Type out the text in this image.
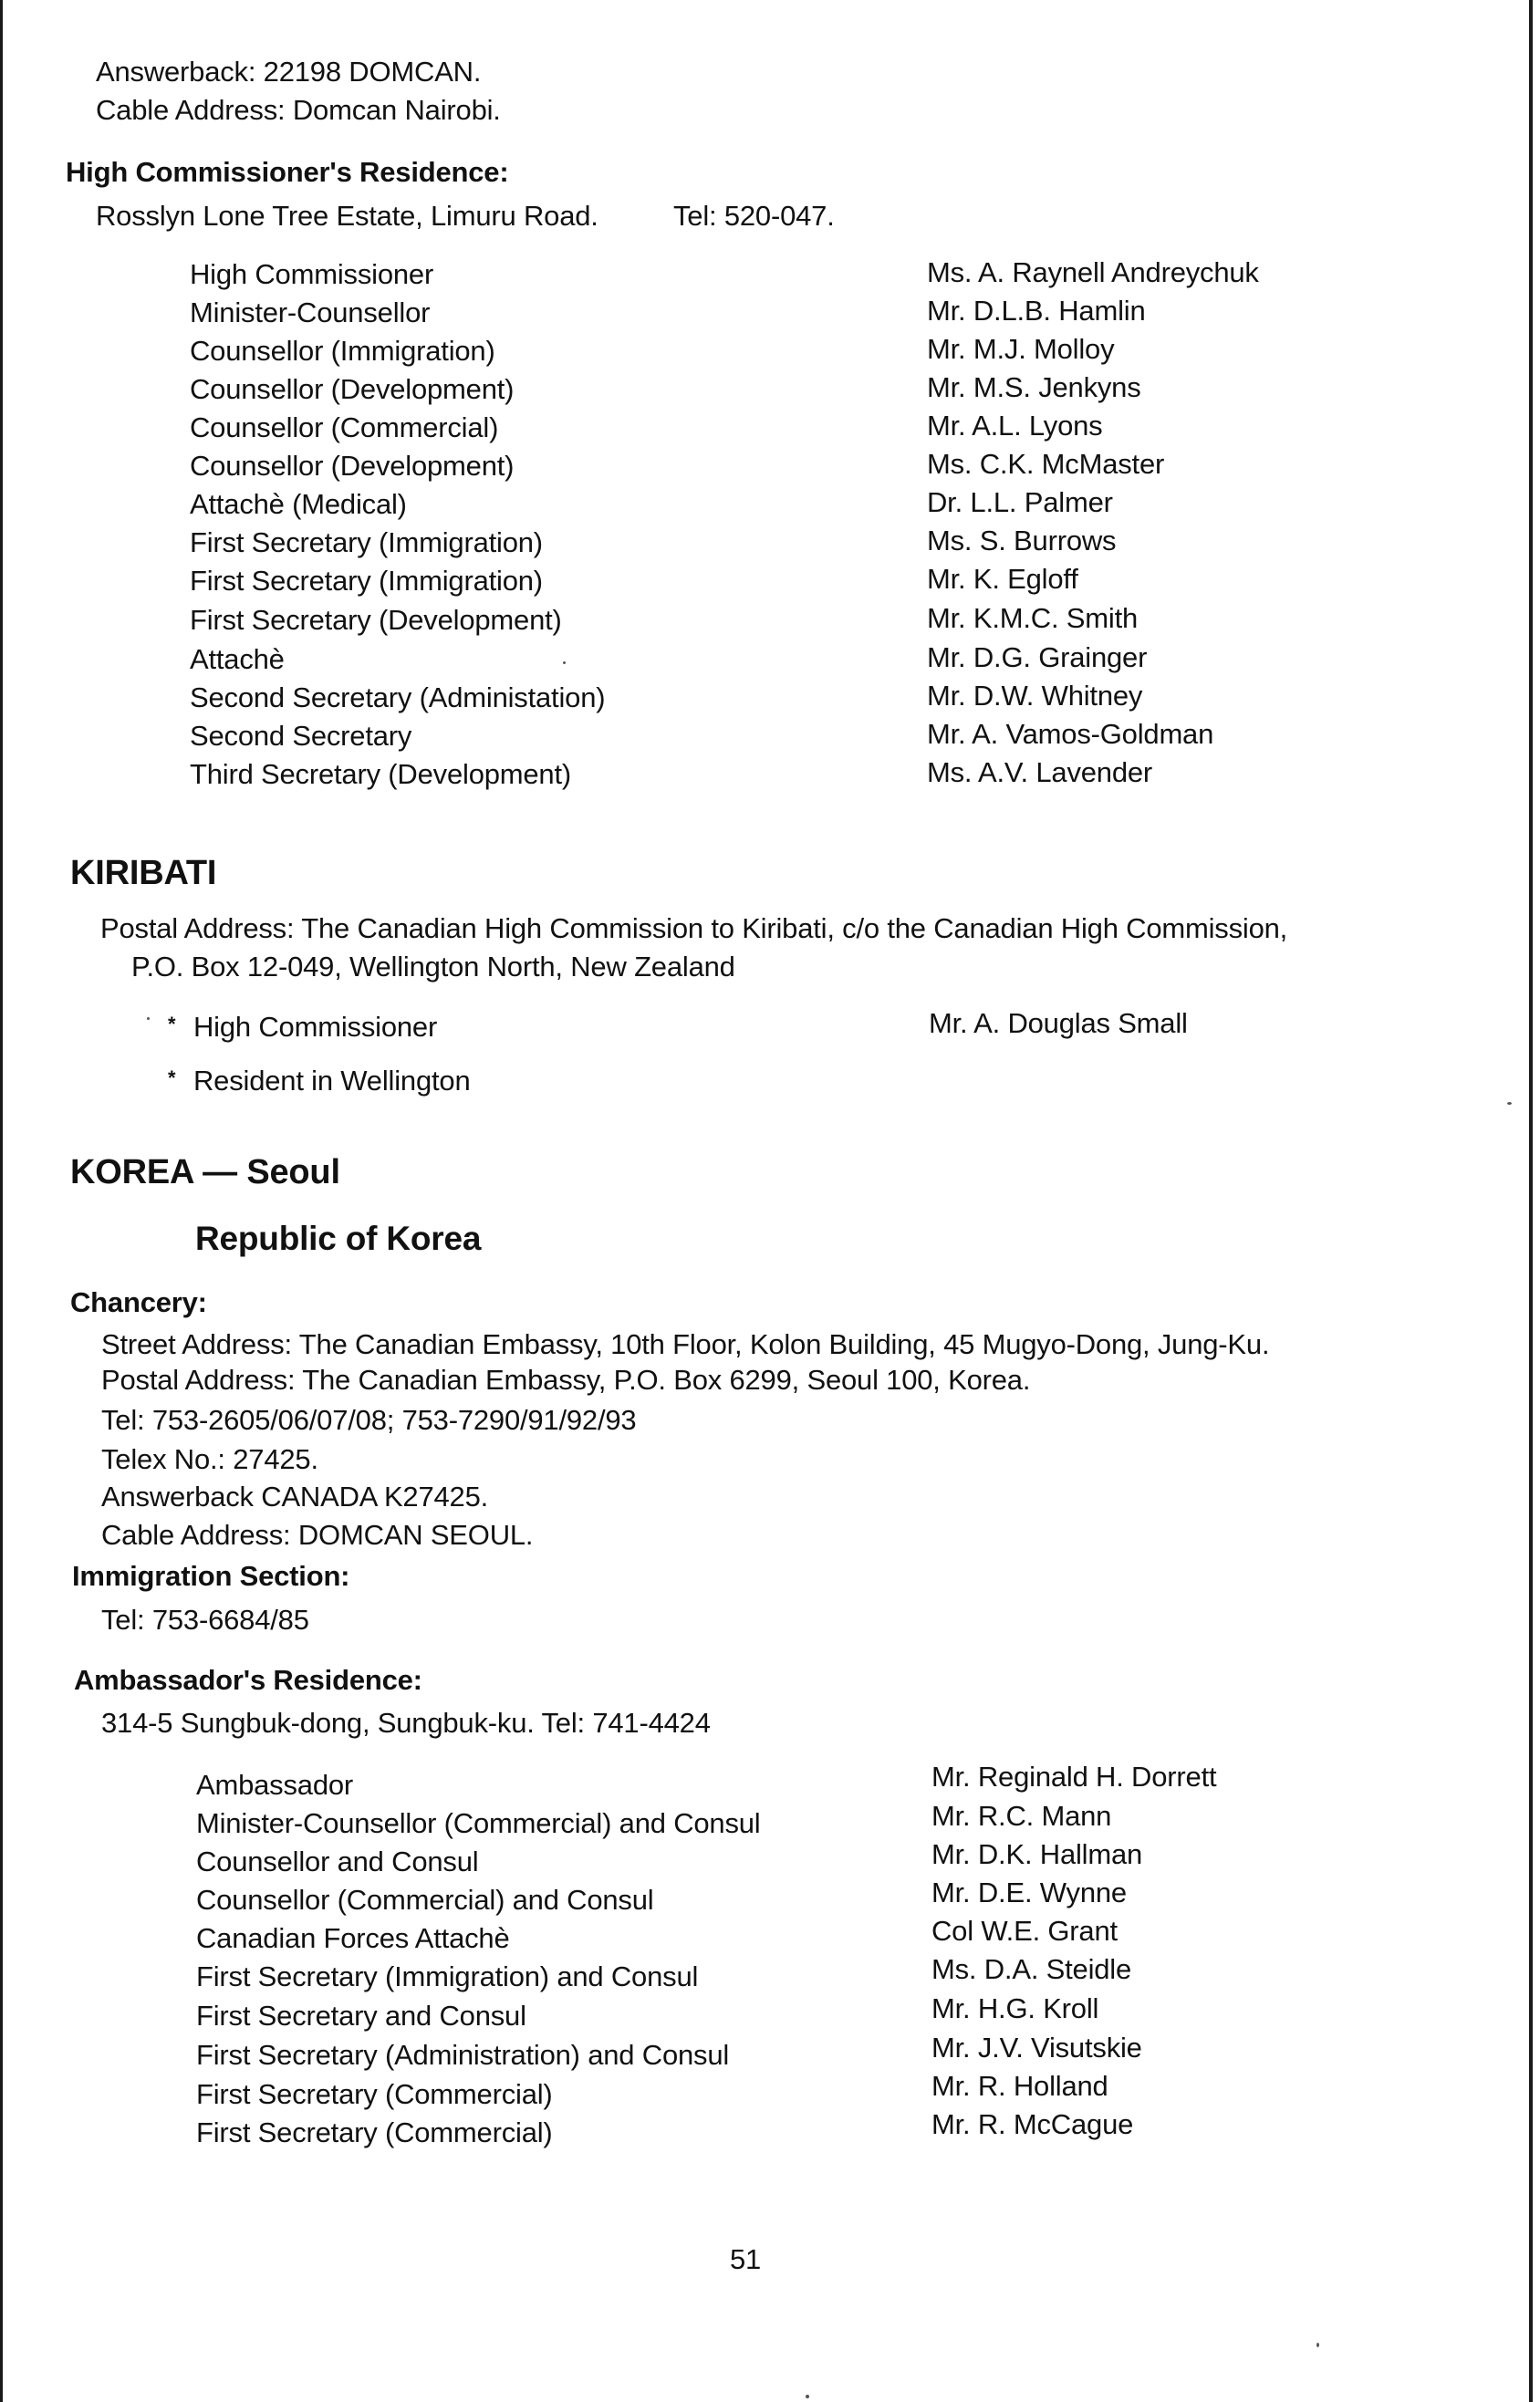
Answerback: 22198 DOMCAN.
Cable Address: Domcan Nairobi.
High Commissioner's Residence:
Rosslyn Lone Tree Estate, Limuru Road.	Tel: 520-047.
High Commissioner	Ms. A. Raynell Andreychuk
Minister-Counsellor	Mr. D.L.B. Hamlin
Counsellor (Immigration)	Mr. M.J. Molloy
Counsellor (Development)	Mr. M.S. Jenkyns
Counsellor (Commercial)	Mr. A.L. Lyons
Counsellor (Development)	Ms. C.K. McMaster
Attachè (Medical)	Dr. L.L. Palmer
First Secretary (Immigration)	Ms. S. Burrows
First Secretary (Immigration)	Mr. K. Egloff
First Secretary (Development)	Mr. K.M.C. Smith
Attachè	Mr. D.G. Grainger
Second Secretary (Administation)	Mr. D.W. Whitney
Second Secretary	Mr. A. Vamos-Goldman
Third Secretary (Development)	Ms. A.V. Lavender
KIRIBATI
Postal Address: The Canadian High Commission to Kiribati, c/o the Canadian High Commission,
P.O. Box 12-049, Wellington North, New Zealand
* High Commissioner	Mr. A. Douglas Small
* Resident in Wellington
KOREA — Seoul
Republic of Korea
Chancery:
Street Address: The Canadian Embassy, 10th Floor, Kolon Building, 45 Mugyo-Dong, Jung-Ku.
Postal Address: The Canadian Embassy, P.O. Box 6299, Seoul 100, Korea.
Tel: 753-2605/06/07/08; 753-7290/91/92/93
Telex No.: 27425.
Answerback CANADA K27425.
Cable Address: DOMCAN SEOUL.
Immigration Section:
Tel: 753-6684/85
Ambassador's Residence:
314-5 Sungbuk-dong, Sungbuk-ku. Tel: 741-4424
Ambassador	Mr. Reginald H. Dorrett
Minister-Counsellor (Commercial) and Consul	Mr. R.C. Mann
Counsellor and Consul	Mr. D.K. Hallman
Counsellor (Commercial) and Consul	Mr. D.E. Wynne
Canadian Forces Attachè	Col W.E. Grant
First Secretary (Immigration) and Consul	Ms. D.A. Steidle
First Secretary and Consul	Mr. H.G. Kroll
First Secretary (Administration) and Consul	Mr. J.V. Visutskie
First Secretary (Commercial)	Mr. R. Holland
First Secretary (Commercial)	Mr. R. McCague
51
